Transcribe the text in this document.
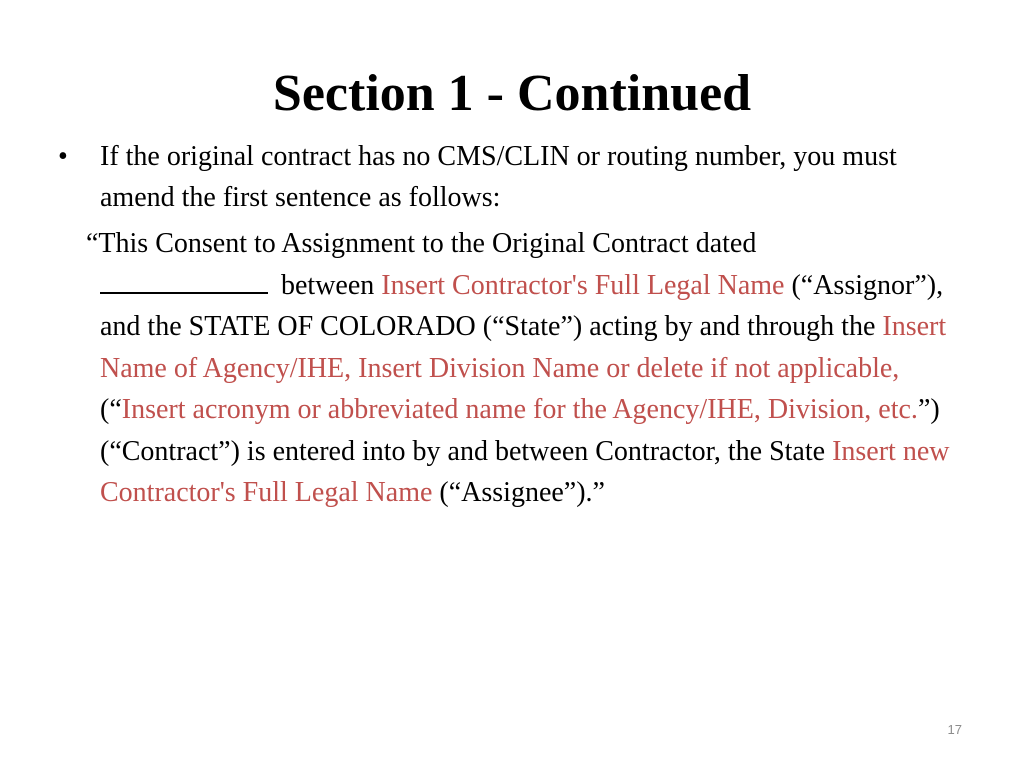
Section 1 - Continued
•	If the original contract has no CMS/CLIN or routing number, you must amend the first sentence as follows:
“This Consent to Assignment to the Original Contract dated
between Insert Contractor's Full Legal Name (“Assignor”), and the STATE OF COLORADO (“State”) acting by and through the Insert Name of Agency/IHE, Insert Division Name or delete if not applicable, (“Insert acronym or abbreviated name for the Agency/IHE, Division, etc.”) (“Contract”) is entered into by and between Contractor, the State Insert new Contractor's Full Legal Name (“Assignee”).”
17
